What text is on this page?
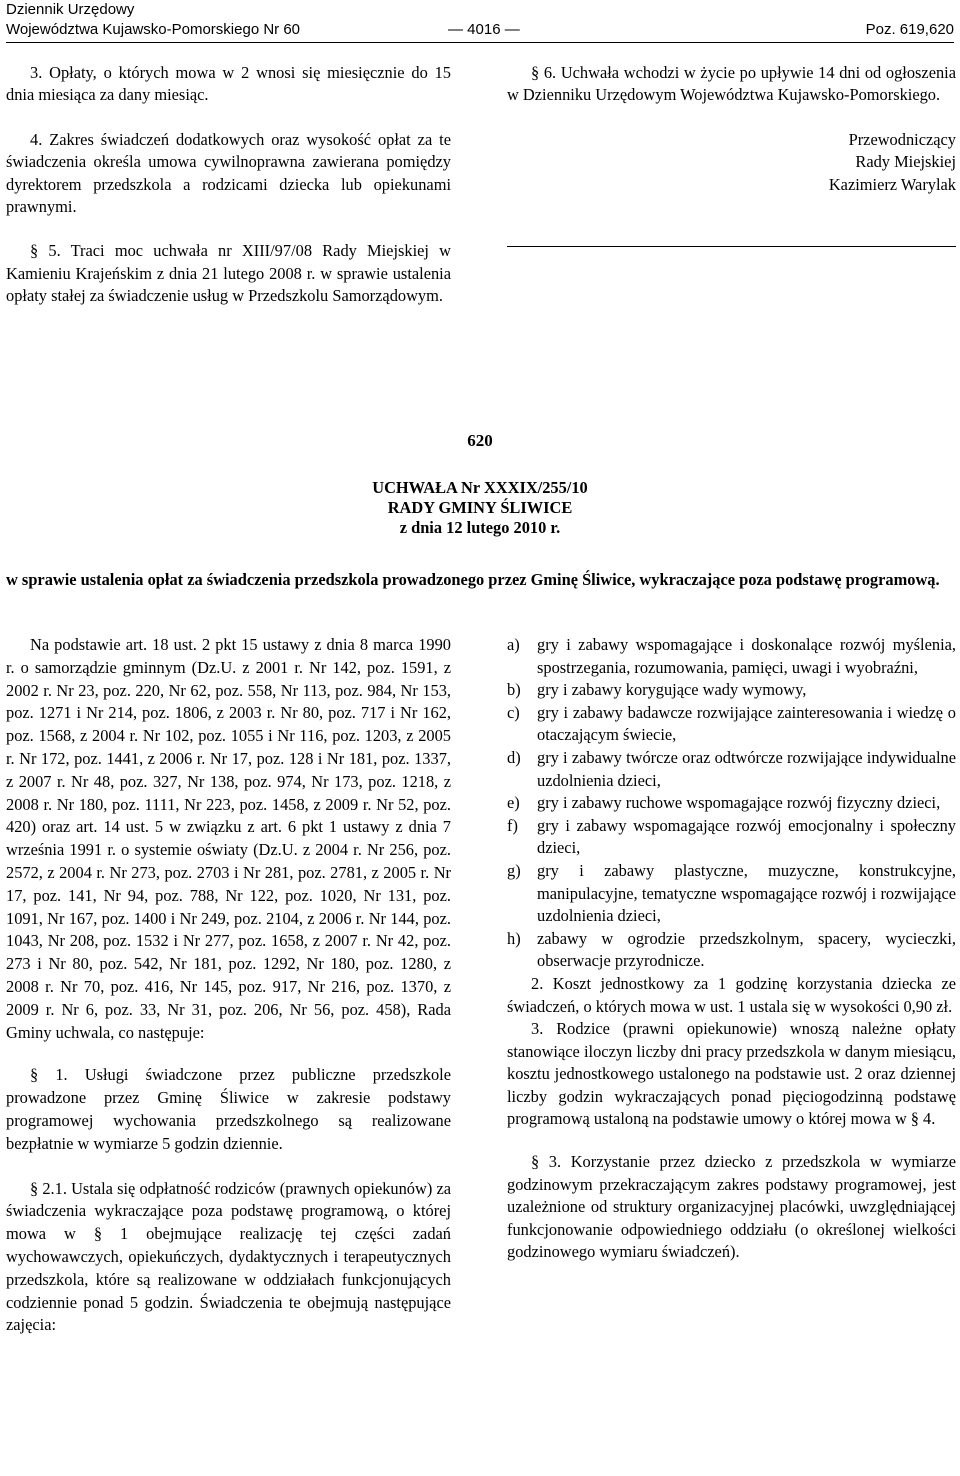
Dziennik Urzędowy
Województwa Kujawsko-Pomorskiego Nr 60	— 4016 —	Poz. 619,620

3. Opłaty, o których mowa w 2 wnosi się miesięcznie do 15 dnia miesiąca za dany miesiąc.

4. Zakres świadczeń dodatkowych oraz wysokość opłat za te świadczenia określa umowa cywilnoprawna zawierana pomiędzy dyrektorem przedszkola a rodzicami dziecka lub opiekunami prawnymi.

§ 5. Traci moc uchwała nr XIII/97/08 Rady Miejskiej w Kamieniu Krajeńskim z dnia 21 lutego 2008 r. w sprawie ustalenia opłaty stałej za świadczenie usług w Przedszkolu Samorządowym.

§ 6. Uchwała wchodzi w życie po upływie 14 dni od ogłoszenia w Dzienniku Urzędowym Województwa Kujawsko-Pomorskiego.

Przewodniczący

Rady Miejskiej

Kazimierz Warylak

620
UCHWAŁA Nr XXXIX/255/10
RADY GMINY ŚLIWICE
z dnia 12 lutego 2010 r.
w sprawie ustalenia opłat za świadczenia przedszkola prowadzonego przez Gminę Śliwice, wykraczające poza podstawę programową.

Na podstawie art. 18 ust. 2 pkt 15 ustawy z dnia 8 marca 1990 r. o samorządzie gminnym (Dz.U. z 2001 r. Nr 142, poz. 1591, z 2002 r. Nr 23, poz. 220, Nr 62, poz. 558, Nr 113, poz. 984, Nr 153, poz. 1271 i Nr 214, poz. 1806, z 2003 r. Nr 80, poz. 717 i Nr 162, poz. 1568, z 2004 r. Nr 102, poz. 1055 i Nr 116, poz. 1203, z 2005 r. Nr 172, poz. 1441, z 2006 r. Nr 17, poz. 128 i Nr 181, poz. 1337, z 2007 r. Nr 48, poz. 327, Nr 138, poz. 974, Nr 173, poz. 1218, z 2008 r. Nr 180, poz. 1111, Nr 223, poz. 1458, z 2009 r. Nr 52, poz. 420) oraz art. 14 ust. 5 w związku z art. 6 pkt 1 ustawy z dnia 7 września 1991 r. o systemie oświaty (Dz.U. z 2004 r. Nr 256, poz. 2572, z 2004 r. Nr 273, poz. 2703 i Nr 281, poz. 2781, z 2005 r. Nr 17, poz. 141, Nr 94, poz. 788, Nr 122, poz. 1020, Nr 131, poz. 1091, Nr 167, poz. 1400 i Nr 249, poz. 2104, z 2006 r. Nr 144, poz. 1043, Nr 208, poz. 1532 i Nr 277, poz. 1658, z 2007 r. Nr 42, poz. 273 i Nr 80, poz. 542, Nr 181, poz. 1292, Nr 180, poz. 1280, z 2008 r. Nr 70, poz. 416, Nr 145, poz. 917, Nr 216, poz. 1370, z 2009 r. Nr 6, poz. 33, Nr 31, poz. 206, Nr 56, poz. 458), Rada Gminy uchwala, co następuje:

§ 1. Usługi świadczone przez publiczne przedszkole prowadzone przez Gminę Śliwice w zakresie podstawy programowej wychowania przedszkolnego są realizowane bezpłatnie w wymiarze 5 godzin dziennie.

§ 2.1. Ustala się odpłatność rodziców (prawnych opiekunów) za świadczenia wykraczające poza podstawę programową, o której mowa w § 1 obejmujące realizację tej części zadań wychowawczych, opiekuńczych, dydaktycznych i terapeutycznych przedszkola, które są realizowane w oddziałach funkcjonujących codziennie ponad 5 godzin. Świadczenia te obejmują następujące zajęcia:

a) gry i zabawy wspomagające i doskonalące rozwój myślenia, spostrzegania, rozumowania, pamięci, uwagi i wyobraźni,
b) gry i zabawy korygujące wady wymowy,
c) gry i zabawy badawcze rozwijające zainteresowania i wiedzę o otaczającym świecie,
d) gry i zabawy twórcze oraz odtwórcze rozwijające indywidualne uzdolnienia dzieci,
e) gry i zabawy ruchowe wspomagające rozwój fizyczny dzieci,
f) gry i zabawy wspomagające rozwój emocjonalny i społeczny dzieci,
g) gry i zabawy plastyczne, muzyczne, konstrukcyjne, manipulacyjne, tematyczne wspomagające rozwój i rozwijające uzdolnienia dzieci,
h) zabawy w ogrodzie przedszkolnym, spacery, wycieczki, obserwacje przyrodnicze.

2. Koszt jednostkowy za 1 godzinę korzystania dziecka ze świadczeń, o których mowa w ust. 1 ustala się w wysokości 0,90 zł.

3. Rodzice (prawni opiekunowie) wnoszą należne opłaty stanowiące iloczyn liczby dni pracy przedszkola w danym miesiącu, kosztu jednostkowego ustalonego na podstawie ust. 2 oraz dziennej liczby godzin wykraczających ponad pięciogodzinną podstawę programową ustaloną na podstawie umowy o której mowa w § 4.

§ 3. Korzystanie przez dziecko z przedszkola w wymiarze godzinowym przekraczającym zakres podstawy programowej, jest uzależnione od struktury organizacyjnej placówki, uwzględniającej funkcjonowanie odpowiedniego oddziału (o określonej wielkości godzinowego wymiaru świadczeń).
